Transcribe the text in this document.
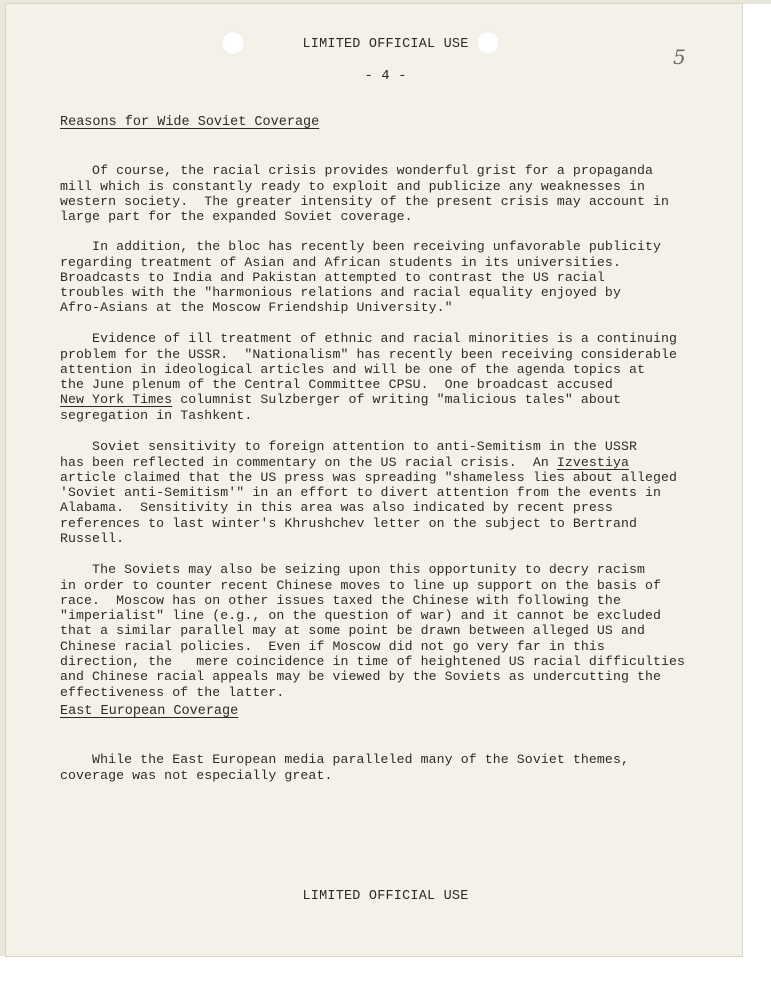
LIMITED OFFICIAL USE
- 4 -
5
Reasons for Wide Soviet Coverage

Of course, the racial crisis provides wonderful grist for a propaganda
mill which is constantly ready to exploit and publicize any weaknesses in
western society.  The greater intensity of the present crisis may account in
large part for the expanded Soviet coverage.

In addition, the bloc has recently been receiving unfavorable publicity
regarding treatment of Asian and African students in its universities.
Broadcasts to India and Pakistan attempted to contrast the US racial
troubles with the "harmonious relations and racial equality enjoyed by
Afro-Asians at the Moscow Friendship University."

Evidence of ill treatment of ethnic and racial minorities is a continuing
problem for the USSR.  "Nationalism" has recently been receiving considerable
attention in ideological articles and will be one of the agenda topics at
the June plenum of the Central Committee CPSU.  One broadcast accused
New York Times columnist Sulzberger of writing "malicious tales" about
segregation in Tashkent.

Soviet sensitivity to foreign attention to anti-Semitism in the USSR
has been reflected in commentary on the US racial crisis.  An Izvestiya
article claimed that the US press was spreading "shameless lies about alleged
'Soviet anti-Semitism'" in an effort to divert attention from the events in
Alabama.  Sensitivity in this area was also indicated by recent press
references to last winter's Khrushchev letter on the subject to Bertrand
Russell.

The Soviets may also be seizing upon this opportunity to decry racism
in order to counter recent Chinese moves to line up support on the basis of
race.  Moscow has on other issues taxed the Chinese with following the
"imperialist" line (e.g., on the question of war) and it cannot be excluded
that a similar parallel may at some point be drawn between alleged US and
Chinese racial policies.  Even if Moscow did not go very far in this
direction, the   mere coincidence in time of heightened US racial difficulties
and Chinese racial appeals may be viewed by the Soviets as undercutting the
effectiveness of the latter.

East European Coverage

While the East European media paralleled many of the Soviet themes,
coverage was not especially great.

LIMITED OFFICIAL USE
